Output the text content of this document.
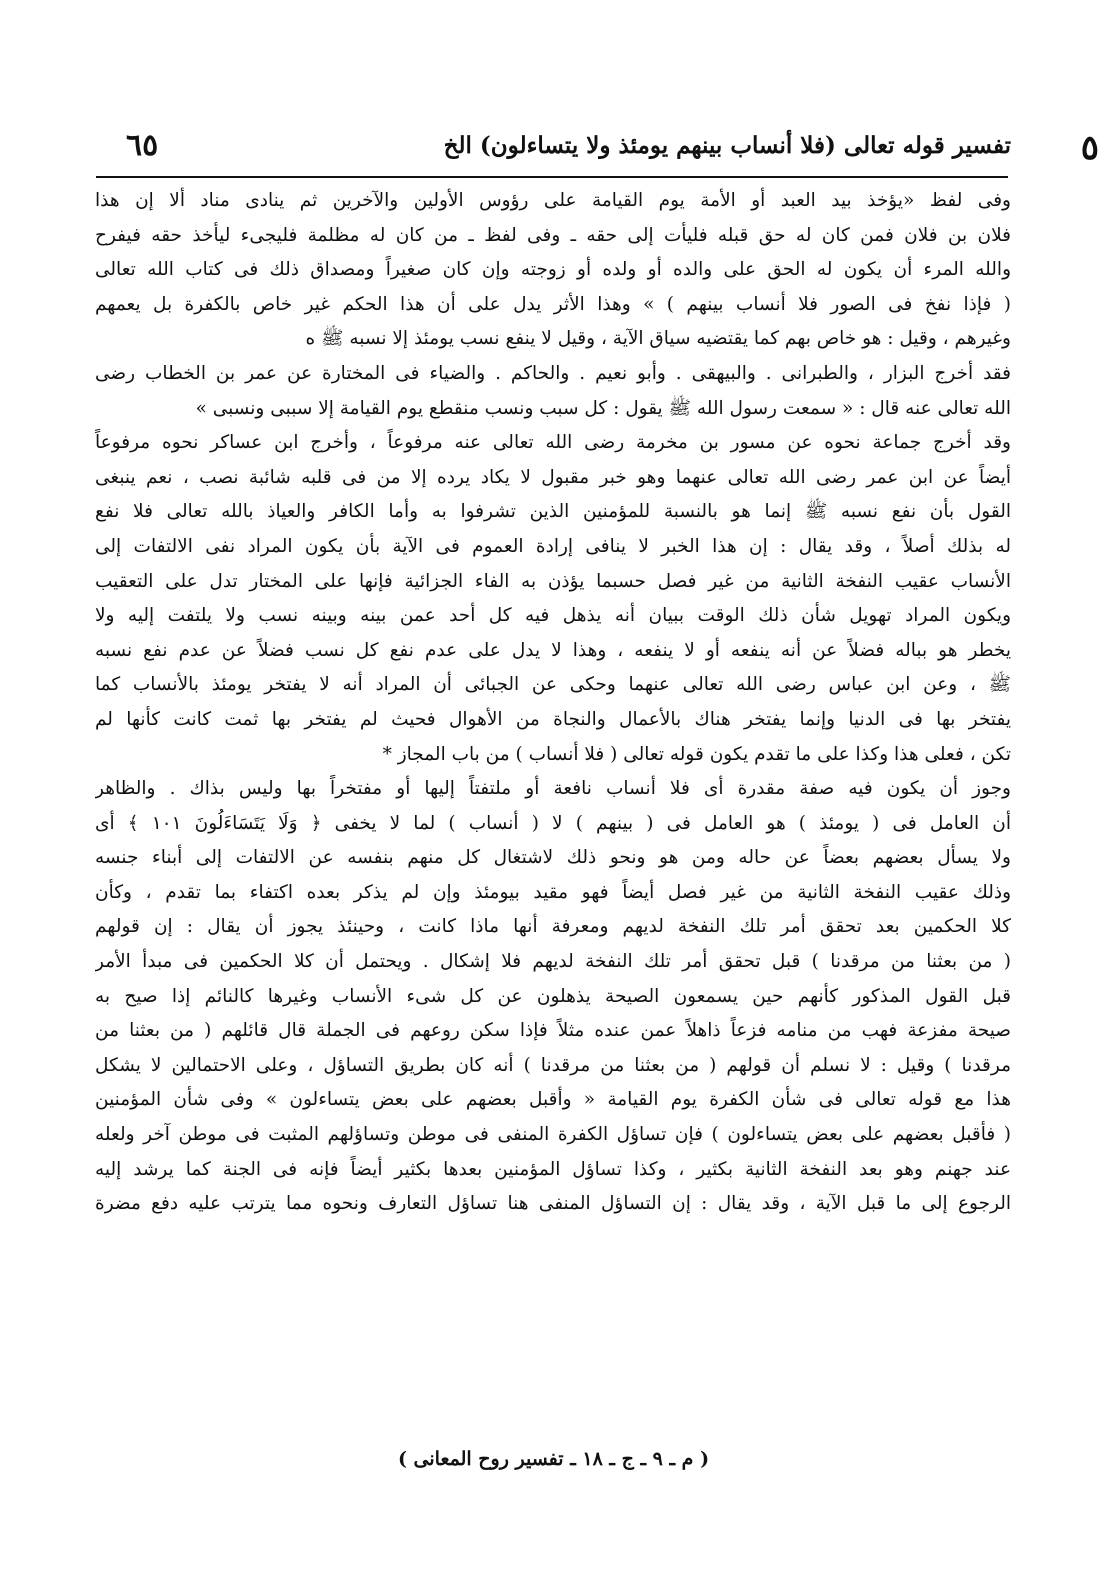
٥
تفسير قوله تعالى (فلا أنساب بينهم يومئذ ولا يتساءلون) الخ
٦٥
وفى لفظ «يؤخذ بيد العبد أو الأمة يوم القيامة على رؤوس الأولين والآخرين ثم ينادى مناد ألا إن هذا
فلان بن فلان فمن كان له حق قبله فليأت إلى حقه ـ وفى لفظ ـ من كان له مظلمة فليجىء ليأخذ حقه فيفرح
والله المرء أن يكون له الحق على والده أو ولده أو زوجته وإن كان صغيراً ومصداق ذلك فى كتاب الله تعالى
( فإذا نفخ فى الصور فلا أنساب بينهم ) » وهذا الأثر يدل على أن هذا الحكم غير خاص بالكفرة بل يعمهم
وغيرهم ، وقيل : هو خاص بهم كما يقتضيه سياق الآية ، وقيل لا ينفع نسب يومئذ إلا نسبه ﷺ ه
فقد أخرج البزار ، والطبرانى . والبيهقى . وأبو نعيم . والحاكم . والضياء فى المختارة عن عمر بن الخطاب رضى
الله تعالى عنه قال : « سمعت رسول الله ﷺ يقول : كل سبب ونسب منقطع يوم القيامة إلا سببى ونسبى »
وقد أخرج جماعة نحوه عن مسور بن مخرمة رضى الله تعالى عنه مرفوعاً ، وأخرج ابن عساكر نحوه مرفوعاً
أيضاً عن ابن عمر رضى الله تعالى عنهما وهو خبر مقبول لا يكاد يرده إلا من فى قلبه شائبة نصب ، نعم ينبغى
القول بأن نفع نسبه ﷺ إنما هو بالنسبة للمؤمنين الذين تشرفوا به وأما الكافر والعياذ بالله تعالى فلا نفع
له بذلك أصلاً ، وقد يقال : إن هذا الخبر لا ينافى إرادة العموم فى الآية بأن يكون المراد نفى الالتفات إلى
الأنساب عقيب النفخة الثانية من غير فصل حسبما يؤذن به الفاء الجزائية فإنها على المختار تدل على التعقيب
ويكون المراد تهويل شأن ذلك الوقت ببيان أنه يذهل فيه كل أحد عمن بينه وبينه نسب ولا يلتفت إليه ولا
يخطر هو بباله فضلاً عن أنه ينفعه أو لا ينفعه ، وهذا لا يدل على عدم نفع كل نسب فضلاً عن عدم نفع نسبه
ﷺ ، وعن ابن عباس رضى الله تعالى عنهما وحكى عن الجبائى أن المراد أنه لا يفتخر يومئذ بالأنساب كما
يفتخر بها فى الدنيا وإنما يفتخر هناك بالأعمال والنجاة من الأهوال فحيث لم يفتخر بها ثمت كانت كأنها لم
تكن ، فعلى هذا وكذا على ما تقدم يكون قوله تعالى ( فلا أنساب ) من باب المجاز *
وجوز أن يكون فيه صفة مقدرة أى فلا أنساب نافعة أو ملتفتاً إليها أو مفتخراً بها وليس بذاك . والظاهر
أن العامل فى ( يومئذ ) هو العامل فى ( بينهم ) لا ( أنساب ) لما لا يخفى ﴿ وَلَا يَتَسَاءَلُونَ ١٠١ ﴾ أى
ولا يسأل بعضهم بعضاً عن حاله ومن هو ونحو ذلك لاشتغال كل منهم بنفسه عن الالتفات إلى أبناء جنسه
وذلك عقيب النفخة الثانية من غير فصل أيضاً فهو مقيد بيومئذ وإن لم يذكر بعده اكتفاء بما تقدم ، وكأن
كلا الحكمين بعد تحقق أمر تلك النفخة لديهم ومعرفة أنها ماذا كانت ، وحينئذ يجوز أن يقال : إن قولهم
( من بعثنا من مرقدنا ) قبل تحقق أمر تلك النفخة لديهم فلا إشكال . ويحتمل أن كلا الحكمين فى مبدأ الأمر
قبل القول المذكور كأنهم حين يسمعون الصيحة يذهلون عن كل شىء الأنساب وغيرها كالنائم إذا صيح به
صيحة مفزعة فهب من منامه فزعاً ذاهلاً عمن عنده مثلاً فإذا سكن روعهم فى الجملة قال قائلهم ( من بعثنا من
مرقدنا ) وقيل : لا نسلم أن قولهم ( من بعثنا من مرقدنا ) أنه كان بطريق التساؤل ، وعلى الاحتمالين لا يشكل
هذا مع قوله تعالى فى شأن الكفرة يوم القيامة « وأقبل بعضهم على بعض يتساءلون » وفى شأن المؤمنين
( فأقبل بعضهم على بعض يتساءلون ) فإن تساؤل الكفرة المنفى فى موطن وتساؤلهم المثبت فى موطن آخر ولعله
عند جهنم وهو بعد النفخة الثانية بكثير ، وكذا تساؤل المؤمنين بعدها بكثير أيضاً فإنه فى الجنة كما يرشد إليه
الرجوع إلى ما قبل الآية ، وقد يقال : إن التساؤل المنفى هنا تساؤل التعارف ونحوه مما يترتب عليه دفع مضرة
( م ـ ٩ ـ ج ـ ١٨ ـ تفسير روح المعانى )
